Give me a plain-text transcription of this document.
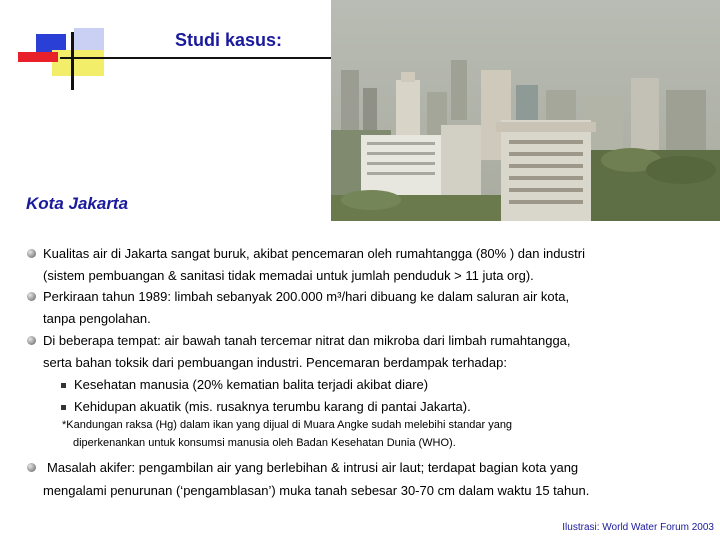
Studi kasus:
Kota Jakarta
Kualitas air di Jakarta sangat buruk, akibat pencemaran oleh rumahtangga (80% ) dan industri
(sistem pembuangan & sanitasi tidak memadai untuk jumlah penduduk > 11 juta org).
Perkiraan tahun 1989: limbah sebanyak 200.000 m³/hari dibuang ke dalam saluran air kota,
tanpa pengolahan.
Di beberapa tempat: air bawah tanah tercemar nitrat dan mikroba dari limbah rumahtangga,
serta bahan toksik dari pembuangan industri. Pencemaran berdampak terhadap:
Kesehatan manusia (20% kematian balita terjadi akibat diare)
Kehidupan akuatik (mis. rusaknya terumbu karang di pantai Jakarta).
*Kandungan raksa (Hg) dalam ikan yang dijual di Muara Angke sudah melebihi standar yang
diperkenankan untuk konsumsi manusia oleh Badan Kesehatan Dunia (WHO).
Masalah akifer: pengambilan air yang berlebihan & intrusi air laut; terdapat bagian kota yang
mengalami penurunan (‘pengamblasan’) muka tanah sebesar 30-70 cm dalam waktu 15 tahun.
Ilustrasi: World Water Forum 2003
